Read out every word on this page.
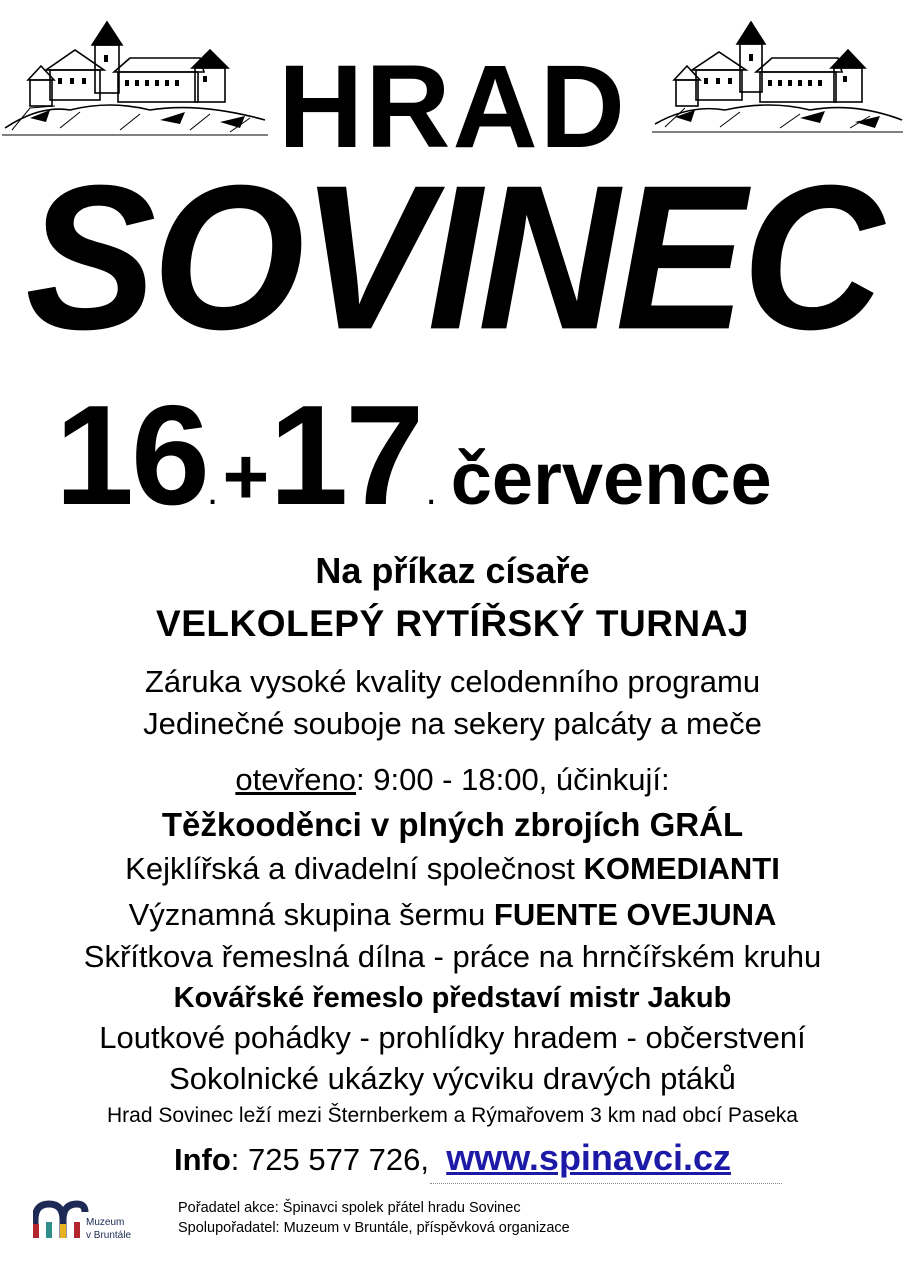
HRAD
SOVINEC
16. +17 . července
Na příkaz císaře
VELKOLEPÝ RYTÍŘSKÝ TURNAJ
Záruka vysoké kvality celodenního programu
Jedinečné souboje na sekery palcáty a meče
otevřeno: 9:00 - 18:00, účinkují:
Těžkooděnci v plných zbrojích GRÁL
Kejklířská a divadelní společnost KOMEDIANTI
Významná skupina šermu FUENTE OVEJUNA
Skřítkova řemeslná dílna - práce na hrnčířském kruhu
Kovářské řemeslo představí mistr Jakub
Loutkové pohádky - prohlídky hradem - občerstvení
Sokolnické ukázky výcviku dravých ptáků
Hrad Sovinec leží mezi Šternberkem a Rýmařovem 3 km nad obcí Paseka
Info: 725 577 726, www.spinavci.cz
Muzeum
v Bruntále
Pořadatel akce: Špinavci spolek přátel hradu Sovinec
Spolupořadatel: Muzeum v Bruntále, příspěvková organizace
